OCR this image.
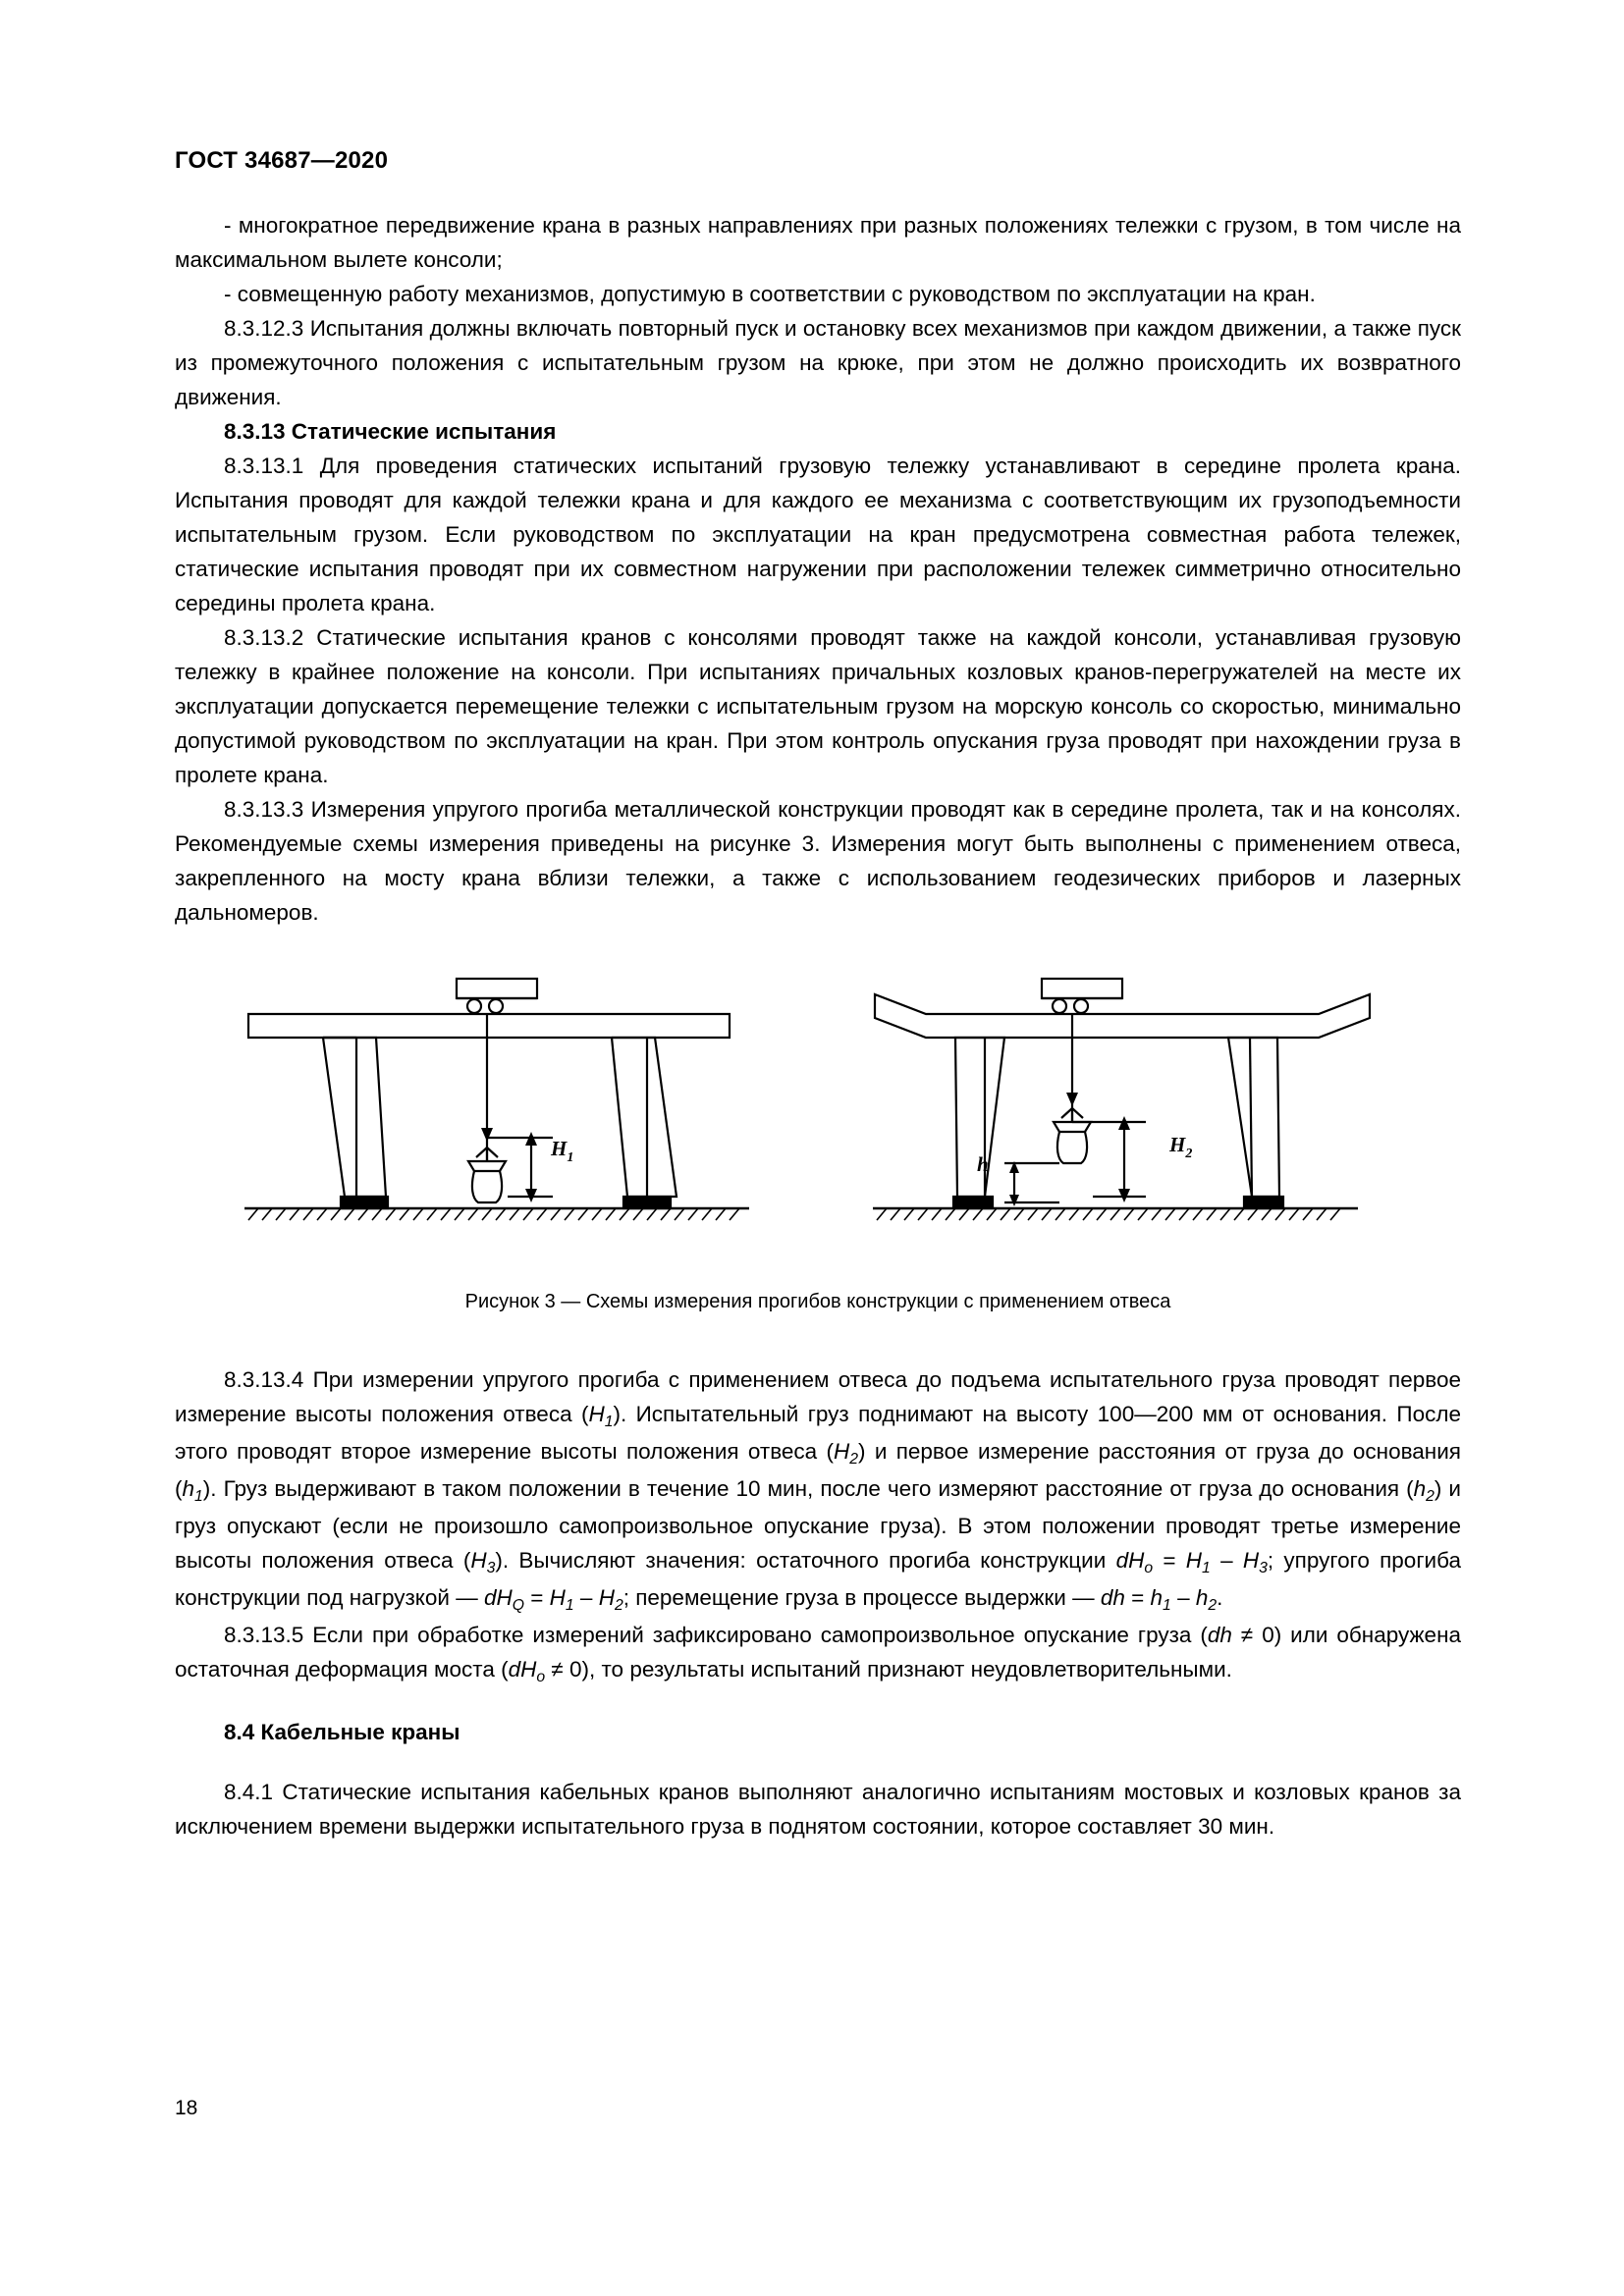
ГОСТ 34687—2020

- многократное передвижение крана в разных направлениях при разных положениях тележки с грузом, в том числе на максимальном вылете консоли;

- совмещенную работу механизмов, допустимую в соответствии с руководством по эксплуатации на кран.

8.3.12.3 Испытания должны включать повторный пуск и остановку всех механизмов при каждом движении, а также пуск из промежуточного положения с испытательным грузом на крюке, при этом не должно происходить их возвратного движения.

8.3.13 Статические испытания

8.3.13.1 Для проведения статических испытаний грузовую тележку устанавливают в середине пролета крана. Испытания проводят для каждой тележки крана и для каждого ее механизма с соответствующим их грузоподъемности испытательным грузом. Если руководством по эксплуатации на кран предусмотрена совместная работа тележек, статические испытания проводят при их совместном нагружении при расположении тележек симметрично относительно середины пролета крана.

8.3.13.2 Статические испытания кранов с консолями проводят также на каждой консоли, устанавливая грузовую тележку в крайнее положение на консоли. При испытаниях причальных козловых кранов-перегружателей на месте их эксплуатации допускается перемещение тележки с испытательным грузом на морскую консоль со скоростью, минимально допустимой руководством по эксплуатации на кран. При этом контроль опускания груза проводят при нахождении груза в пролете крана.

8.3.13.3 Измерения упругого прогиба металлической конструкции проводят как в середине пролета, так и на консолях. Рекомендуемые схемы измерения приведены на рисунке 3. Измерения могут быть выполнены с применением отвеса, закрепленного на мосту крана вблизи тележки, а также с использованием геодезических приборов и лазерных дальномеров.

$H_1$
$H_2$
h

Рисунок 3 — Схемы измерения прогибов конструкции с применением отвеса

8.3.13.4 При измерении упругого прогиба с применением отвеса до подъема испытательного груза проводят первое измерение высоты положения отвеса $(H_1)$. Испытательный груз поднимают на высоту 100—200 мм от основания. После этого проводят второе измерение высоты положения отвеса $(H_2)$ и первое измерение расстояния от груза до основания $(h_1)$. Груз выдерживают в таком положении в течение 10 мин, после чего измеряют расстояние от груза до основания $(h_2)$ и груз опускают (если не произошло самопроизвольное опускание груза). В этом положении проводят третье измерение высоты положения отвеса $(H_3)$. Вычисляют значения: остаточного прогиба конструкции $dH_о = H_1 - H_3$; упругого прогиба конструкции под нагрузкой — $dH_Q = H_1 - H_2$; перемещение груза в процессе выдержки — dh = $h_1 - h_2$.

8.3.13.5 Если при обработке измерений зафиксировано самопроизвольное опускание груза (dh ≠ 0) или обнаружена остаточная деформация моста $(dH_о \ne 0)$, то результаты испытаний признают неудовлетворительными.

8.4 Кабельные краны

8.4.1 Статические испытания кабельных кранов выполняют аналогично испытаниям мостовых и козловых кранов за исключением времени выдержки испытательного груза в поднятом состоянии, которое составляет 30 мин.

18
